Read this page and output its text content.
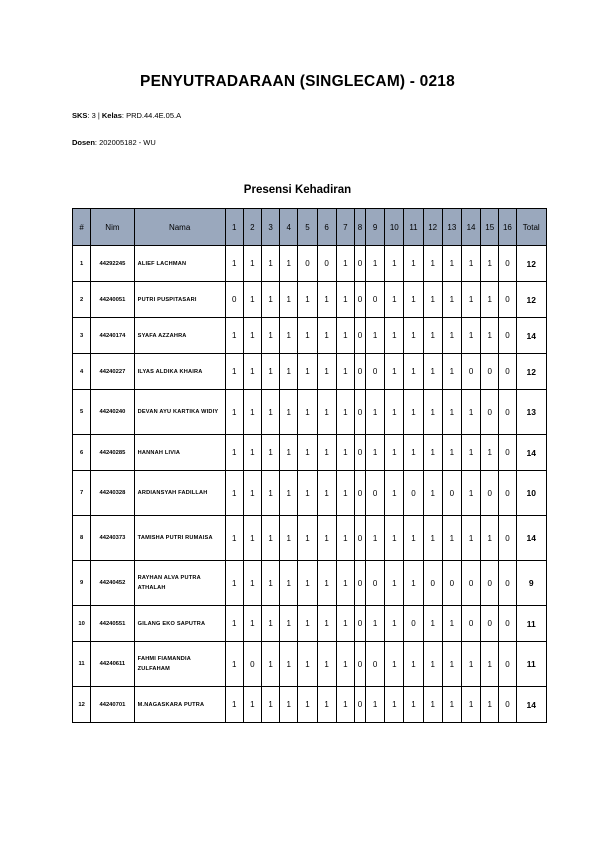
PENYUTRADARAAN (SINGLECAM) - 0218
SKS: 3 | Kelas: PRD.44.4E.05.A
Dosen: 202005182 - WU
Presensi Kehadiran
#	Nim	Nama	1	2	3	4	5	6	7	8	9	10	11	12	13	14	15	16	Total
1	44292245	ALIEF LACHMAN	1	1	1	1	0	0	1	0	1	1	1	1	1	1	1	0	12
2	44240051	PUTRI PUSPITASARI	0	1	1	1	1	1	1	0	0	1	1	1	1	1	1	0	12
3	44240174	SYAFA AZZAHRA	1	1	1	1	1	1	1	0	1	1	1	1	1	1	1	0	14
4	44240227	ILYAS ALDIKA KHAIRA	1	1	1	1	1	1	1	0	0	1	1	1	1	0	0	0	12
5	44240240	DEVAN AYU KARTIKA WIDIY	1	1	1	1	1	1	1	0	1	1	1	1	1	1	0	0	13
6	44240285	HANNAH LIVIA	1	1	1	1	1	1	1	0	1	1	1	1	1	1	1	0	14
7	44240328	ARDIANSYAH FADILLAH	1	1	1	1	1	1	1	0	0	1	0	1	0	1	0	0	10
8	44240373	TAMISHA PUTRI RUMAISA	1	1	1	1	1	1	1	0	1	1	1	1	1	1	1	0	14
9	44240452	RAYHAN ALVA PUTRA ATHALAH	1	1	1	1	1	1	1	0	0	1	1	0	0	0	0	0	9
10	44240551	GILANG EKO SAPUTRA	1	1	1	1	1	1	1	0	1	1	0	1	1	0	0	0	11
11	44240611	FAHMI FIAMANDIA ZULFAHAM	1	0	1	1	1	1	1	0	0	1	1	1	1	1	1	0	11
12	44240701	M.NAGASKARA PUTRA	1	1	1	1	1	1	1	0	1	1	1	1	1	1	1	0	14
